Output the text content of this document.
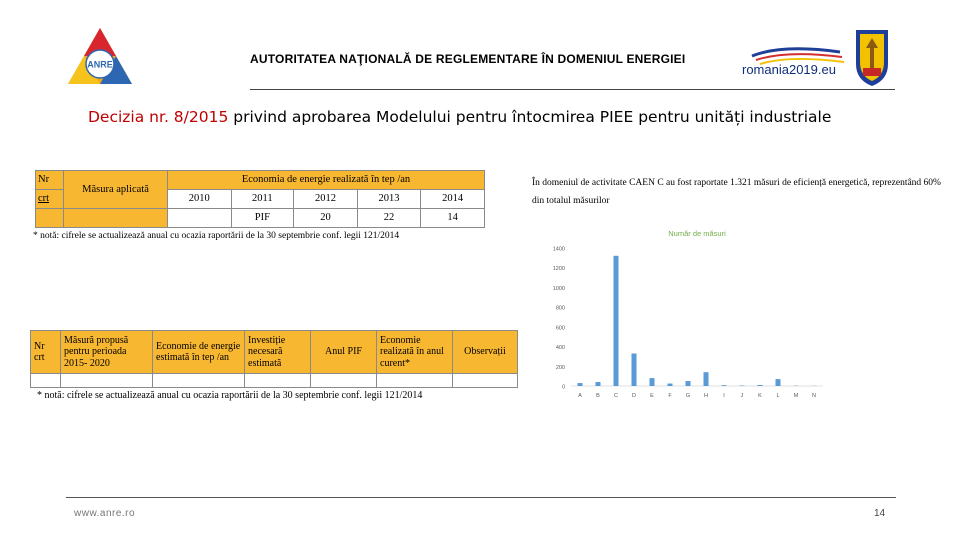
ANRE	AUTORITATEA NAŢIONALĂ DE REGLEMENTARE ÎN DOMENIUL ENERGIEI
romania2019.eu
Decizia nr. 8/2015 privind aprobarea Modelului pentru întocmirea PIEE pentru unități industriale
Nr	Măsura aplicată	Economia de energie realizată în tep /an				
crt		2010	2011	2012	2013	2014
			PIF	20	22	14
* notă: cifrele se actualizează anual cu ocazia raportării de la 30 septembrie conf. legii 121/2014
Nr crt	Măsură propusă pentru perioada 2015- 2020	Economie de energie estimată în tep /an	Investiție necesară estimată	Anul PIF	Economie realizată în anul curent*	Observații

* notă: cifrele se actualizează anual cu ocazia raportării de la 30 septembrie conf. legii 121/2014
În domeniul de activitate CAEN C au fost raportate 1.321 măsuri de eficiență energetică, reprezentând 60% din totalul măsurilor
Număr de măsuri
0
200
400
600
800
1000
1200
1400
A	B	C	D	E	F	G	H	I	J	K	L	M N
www.anre.ro	14
